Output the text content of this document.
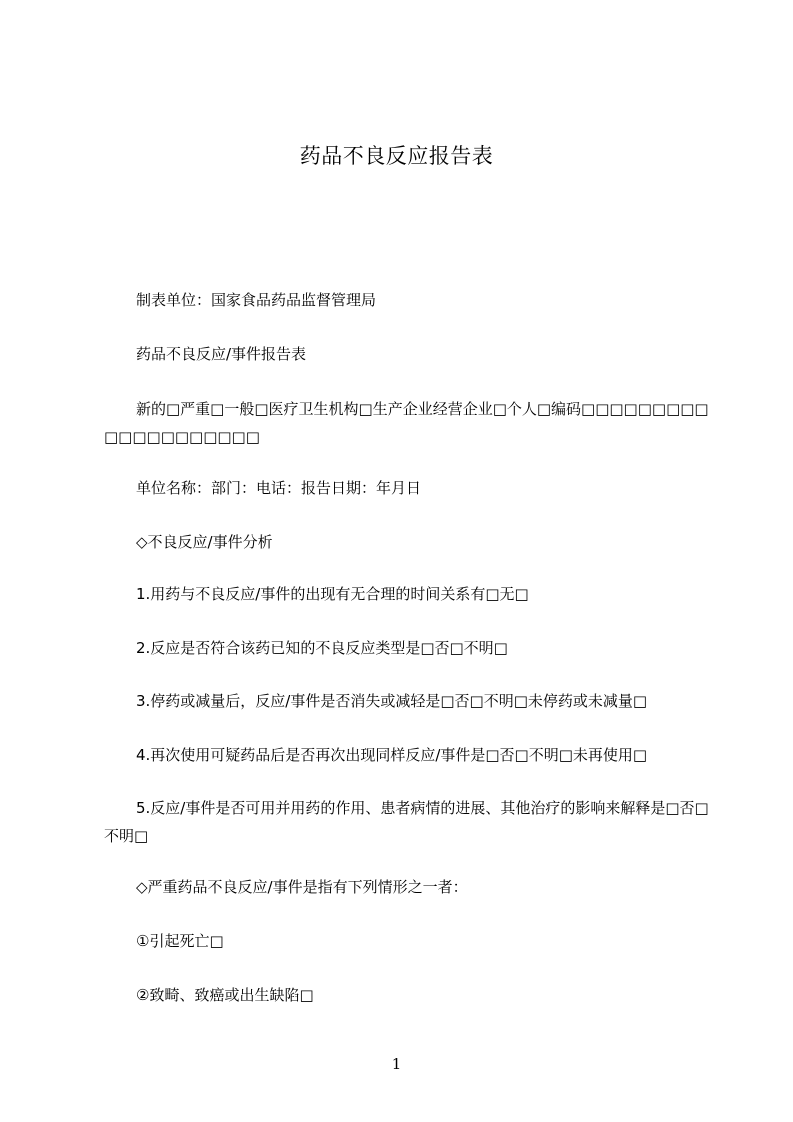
药品不良反应报告表
制表单位：国家食品药品监督管理局
药品不良反应/事件报告表
新的□严重□一般□医疗卫生机构□生产企业经营企业□个人□编码□□□□□□□□□□□□□□□□□□□□
单位名称：部门：电话：报告日期：年月日
◇不良反应/事件分析
1.用药与不良反应/事件的出现有无合理的时间关系有□无□
2.反应是否符合该药已知的不良反应类型是□否□不明□
3.停药或减量后，反应/事件是否消失或减轻是□否□不明□未停药或未减量□
4.再次使用可疑药品后是否再次出现同样反应/事件是□否□不明□未再使用□
5.反应/事件是否可用并用药的作用、患者病情的进展、其他治疗的影响来解释是□否□不明□
◇严重药品不良反应/事件是指有下列情形之一者：
①引起死亡□
②致畸、致癌或出生缺陷□
1
